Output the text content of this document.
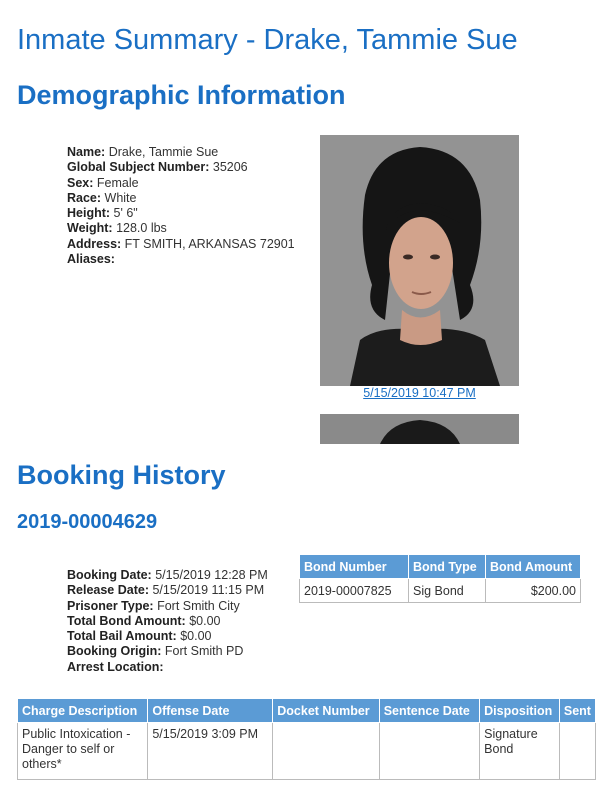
Inmate Summary - Drake, Tammie Sue
Demographic Information
Name: Drake, Tammie Sue
Global Subject Number: 35206
Sex: Female
Race: White
Height: 5' 6"
Weight: 128.0 lbs
Address: FT SMITH, ARKANSAS 72901
Aliases:
5/15/2019 10:47 PM
Booking History
2019-00004629
Booking Date: 5/15/2019 12:28 PM
Release Date: 5/15/2019 11:15 PM
Prisoner Type: Fort Smith City
Total Bond Amount: $0.00
Total Bail Amount: $0.00
Booking Origin: Fort Smith PD
Arrest Location:
Bond Number	Bond Type	Bond Amount
2019-00007825	Sig Bond	$200.00
Charge Description	Offense Date	Docket Number	Sentence Date	Disposition	Sent
Public Intoxication - Danger to self or others*	5/15/2019 3:09 PM			Signature Bond	
